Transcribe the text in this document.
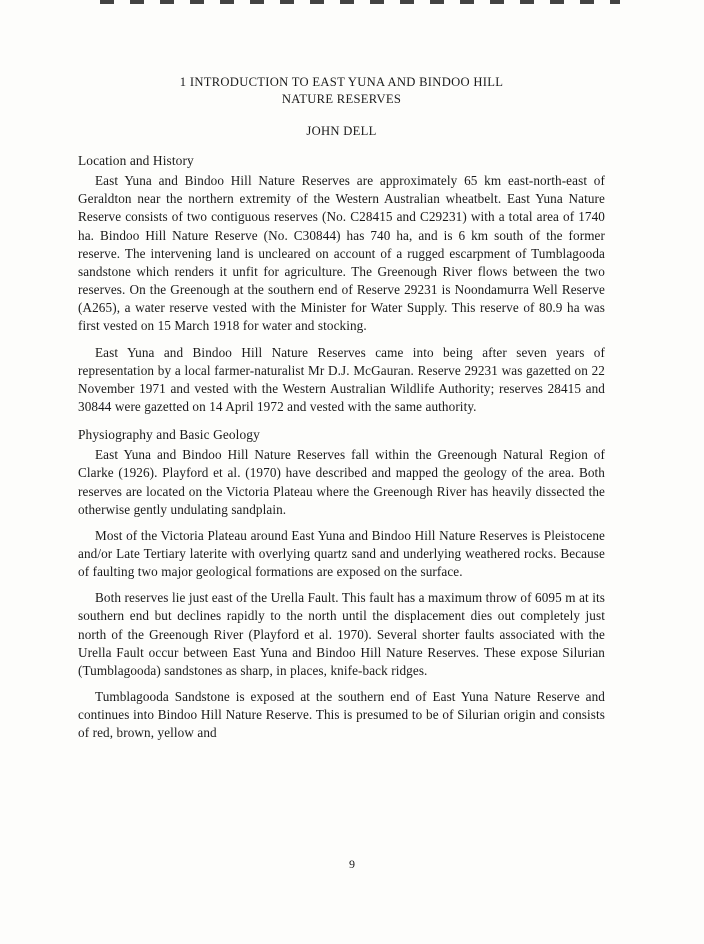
1 INTRODUCTION TO EAST YUNA AND BINDOO HILL
NATURE RESERVES
JOHN DELL
Location and History

East Yuna and Bindoo Hill Nature Reserves are approximately 65 km east-north-east of Geraldton near the northern extremity of the Western Australian wheatbelt. East Yuna Nature Reserve consists of two contiguous reserves (No. C28415 and C29231) with a total area of 1740 ha. Bindoo Hill Nature Reserve (No. C30844) has 740 ha, and is 6 km south of the former reserve. The intervening land is uncleared on account of a rugged escarpment of Tumblagooda sandstone which renders it unfit for agriculture. The Greenough River flows between the two reserves. On the Greenough at the southern end of Reserve 29231 is Noondamurra Well Reserve (A265), a water reserve vested with the Minister for Water Supply. This reserve of 80.9 ha was first vested on 15 March 1918 for water and stocking.

East Yuna and Bindoo Hill Nature Reserves came into being after seven years of representation by a local farmer-naturalist Mr D.J. McGauran. Reserve 29231 was gazetted on 22 November 1971 and vested with the Western Australian Wildlife Authority; reserves 28415 and 30844 were gazetted on 14 April 1972 and vested with the same authority.

Physiography and Basic Geology

East Yuna and Bindoo Hill Nature Reserves fall within the Greenough Natural Region of Clarke (1926). Playford et al. (1970) have described and mapped the geology of the area. Both reserves are located on the Victoria Plateau where the Greenough River has heavily dissected the otherwise gently undulating sandplain.

Most of the Victoria Plateau around East Yuna and Bindoo Hill Nature Reserves is Pleistocene and/or Late Tertiary laterite with overlying quartz sand and underlying weathered rocks. Because of faulting two major geological formations are exposed on the surface.

Both reserves lie just east of the Urella Fault. This fault has a maximum throw of 6095 m at its southern end but declines rapidly to the north until the displacement dies out completely just north of the Greenough River (Playford et al. 1970). Several shorter faults associated with the Urella Fault occur between East Yuna and Bindoo Hill Nature Reserves. These expose Silurian (Tumblagooda) sandstones as sharp, in places, knife-back ridges.

Tumblagooda Sandstone is exposed at the southern end of East Yuna Nature Reserve and continues into Bindoo Hill Nature Reserve. This is presumed to be of Silurian origin and consists of red, brown, yellow and

9
